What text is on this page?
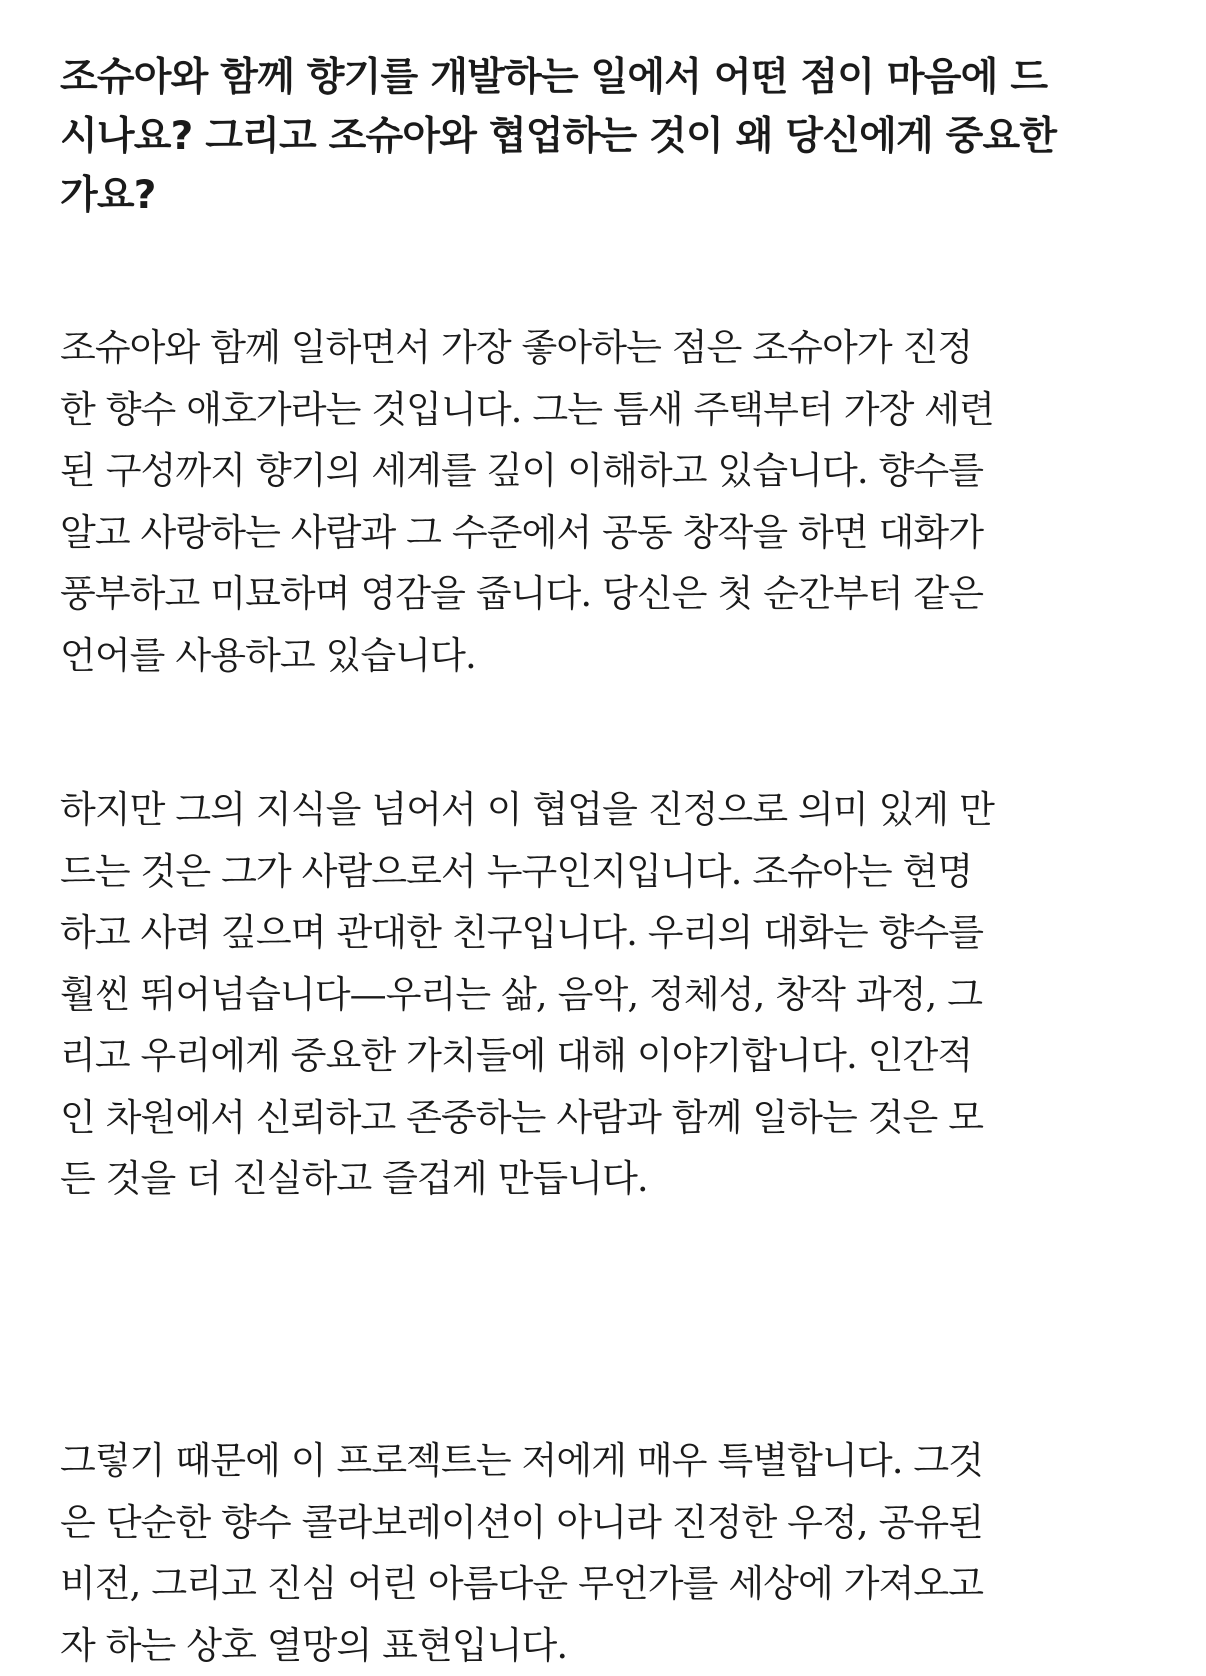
조슈아와 함께 향기를 개발하는 일에서 어떤 점이 마음에 드
시나요? 그리고 조슈아와 협업하는 것이 왜 당신에게 중요한
가요?

조슈아와 함께 일하면서 가장 좋아하는 점은 조슈아가 진정
한 향수 애호가라는 것입니다. 그는 틈새 주택부터 가장 세련
된 구성까지 향기의 세계를 깊이 이해하고 있습니다. 향수를
알고 사랑하는 사람과 그 수준에서 공동 창작을 하면 대화가
풍부하고 미묘하며 영감을 줍니다. 당신은 첫 순간부터 같은
언어를 사용하고 있습니다.

하지만 그의 지식을 넘어서 이 협업을 진정으로 의미 있게 만
드는 것은 그가 사람으로서 누구인지입니다. 조슈아는 현명
하고 사려 깊으며 관대한 친구입니다. 우리의 대화는 향수를
훨씬 뛰어넘습니다—우리는 삶, 음악, 정체성, 창작 과정, 그
리고 우리에게 중요한 가치들에 대해 이야기합니다. 인간적
인 차원에서 신뢰하고 존중하는 사람과 함께 일하는 것은 모
든 것을 더 진실하고 즐겁게 만듭니다.

그렇기 때문에 이 프로젝트는 저에게 매우 특별합니다. 그것
은 단순한 향수 콜라보레이션이 아니라 진정한 우정, 공유된
비전, 그리고 진심 어린 아름다운 무언가를 세상에 가져오고
자 하는 상호 열망의 표현입니다.
